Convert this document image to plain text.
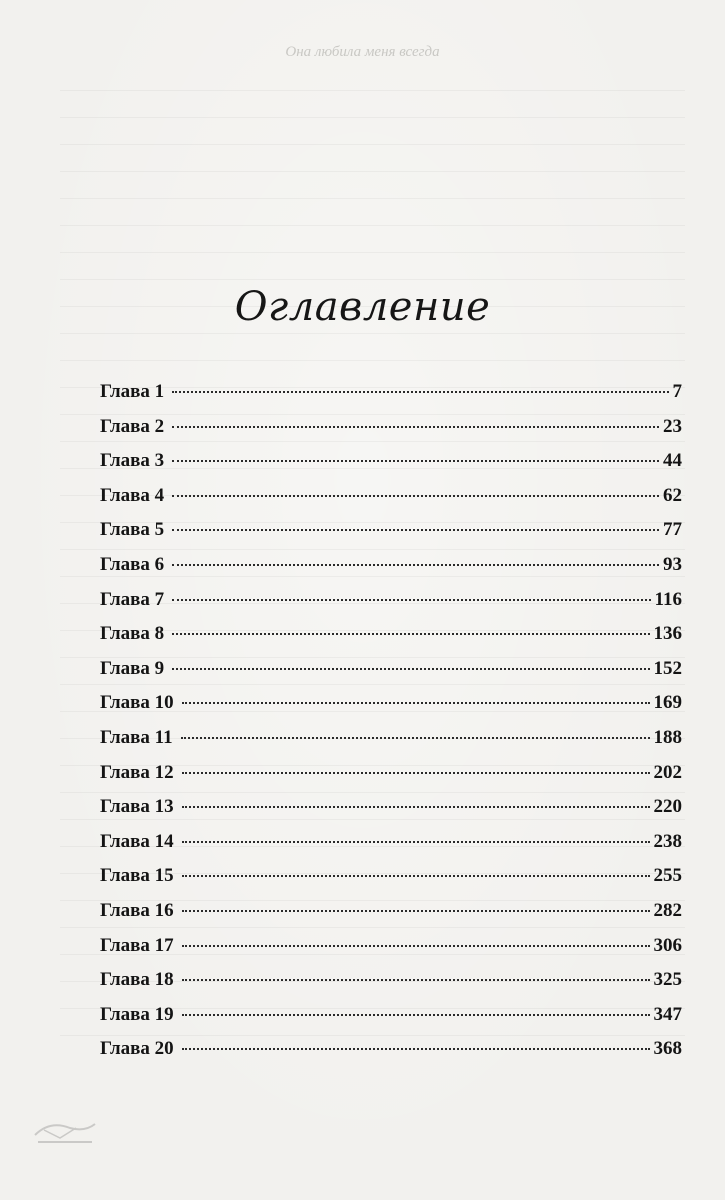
Она любила меня всегда
Оглавление
Глава 1	7
Глава 2	23
Глава 3	44
Глава 4	62
Глава 5	77
Глава 6	93
Глава 7	116
Глава 8	136
Глава 9	152
Глава 10	169
Глава 11	188
Глава 12	202
Глава 13	220
Глава 14	238
Глава 15	255
Глава 16	282
Глава 17	306
Глава 18	325
Глава 19	347
Глава 20	368
